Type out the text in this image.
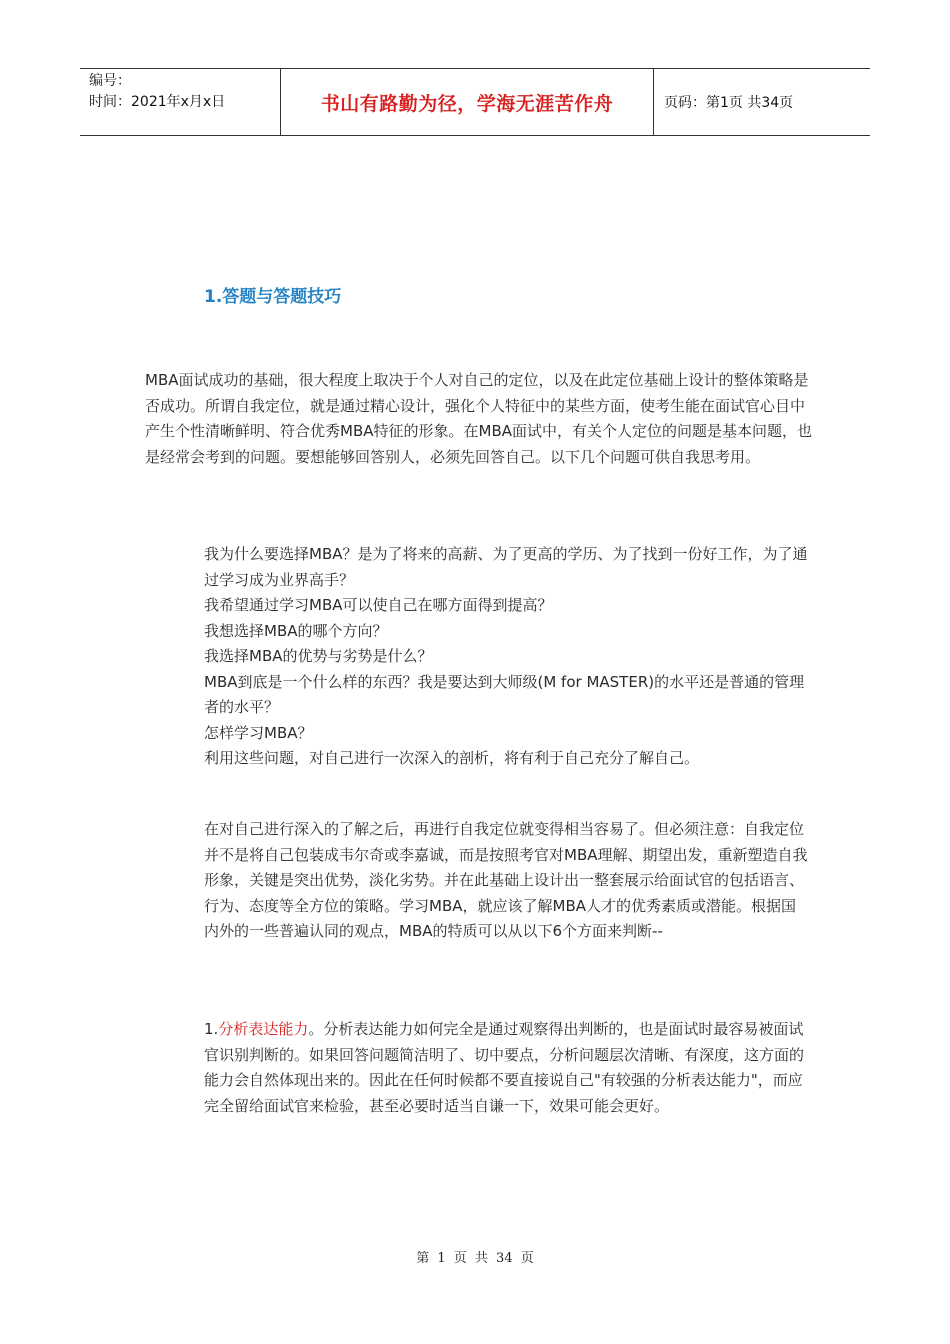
编号：
时间：2021年x月x日	书山有路勤为径，学海无涯苦作舟	页码：第1页 共34页
1.答题与答题技巧

MBA面试成功的基础，很大程度上取决于个人对自己的定位，以及在此定位基础上设计的整体策略是否成功。所谓自我定位，就是通过精心设计，强化个人特征中的某些方面，使考生能在面试官心目中产生个性清晰鲜明、符合优秀MBA特征的形象。在MBA面试中，有关个人定位的问题是基本问题，也是经常会考到的问题。要想能够回答别人，必须先回答自己。以下几个问题可供自我思考用。

我为什么要选择MBA？是为了将来的高薪、为了更高的学历、为了找到一份好工作，为了通过学习成为业界高手？
我希望通过学习MBA可以使自己在哪方面得到提高？
我想选择MBA的哪个方向？
我选择MBA的优势与劣势是什么？
MBA到底是一个什么样的东西？我是要达到大师级(M for MASTER)的水平还是普通的管理者的水平？
怎样学习MBA？
利用这些问题，对自己进行一次深入的剖析，将有利于自己充分了解自己。

在对自己进行深入的了解之后，再进行自我定位就变得相当容易了。但必须注意：自我定位并不是将自己包装成韦尔奇或李嘉诚，而是按照考官对MBA理解、期望出发，重新塑造自我形象，关键是突出优势，淡化劣势。并在此基础上设计出一整套展示给面试官的包括语言、行为、态度等全方位的策略。学习MBA，就应该了解MBA人才的优秀素质或潜能。根据国内外的一些普遍认同的观点，MBA的特质可以从以下6个方面来判断--

1.分析表达能力。分析表达能力如何完全是通过观察得出判断的，也是面试时最容易被面试官识别判断的。如果回答问题简洁明了、切中要点，分析问题层次清晰、有深度，这方面的能力会自然体现出来的。因此在任何时候都不要直接说自己"有较强的分析表达能力"，而应完全留给面试官来检验，甚至必要时适当自谦一下，效果可能会更好。

第 1 页 共 34 页
